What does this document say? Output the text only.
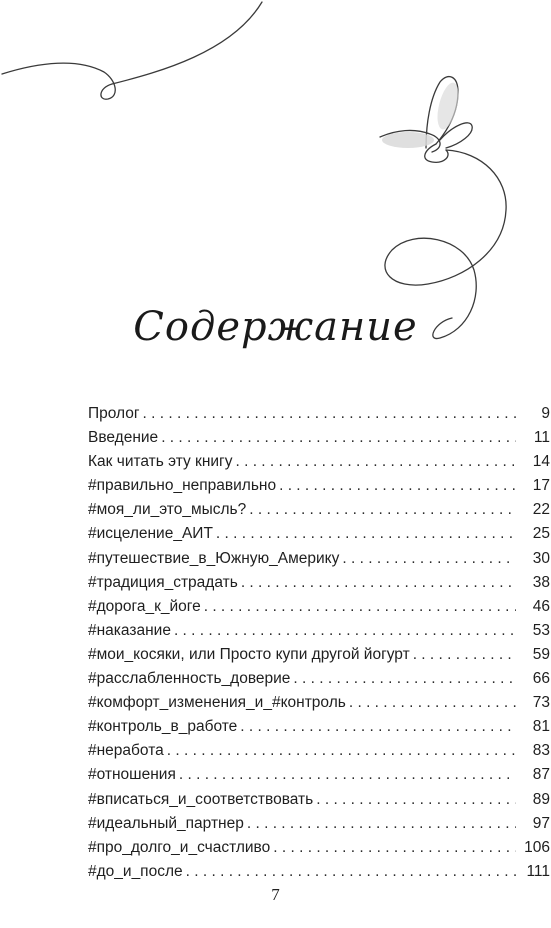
Содержание
Пролог . . .	9
Введение . . .	11
Как читать эту книгу . . .	14
#правильно_неправильно . . .	17
#моя_ли_это_мысль? . . .	22
#исцеление_АИТ . . .	25
#путешествие_в_Южную_Америку . . .	30
#традиция_страдать . . .	38
#дорога_к_йоге . . .	46
#наказание . . .	53
#мои_косяки, или Просто купи другой йогурт . . .	59
#расслабленность_доверие . . .	66
#комфорт_изменения_и_#контроль . . .	73
#контроль_в_работе . . .	81
#неработа . . .	83
#отношения . . .	87
#вписаться_и_соответствовать . . .	89
#идеальный_партнер . . .	97
#про_долго_и_счастливо . . .	106
#до_и_после . . .	111
7
